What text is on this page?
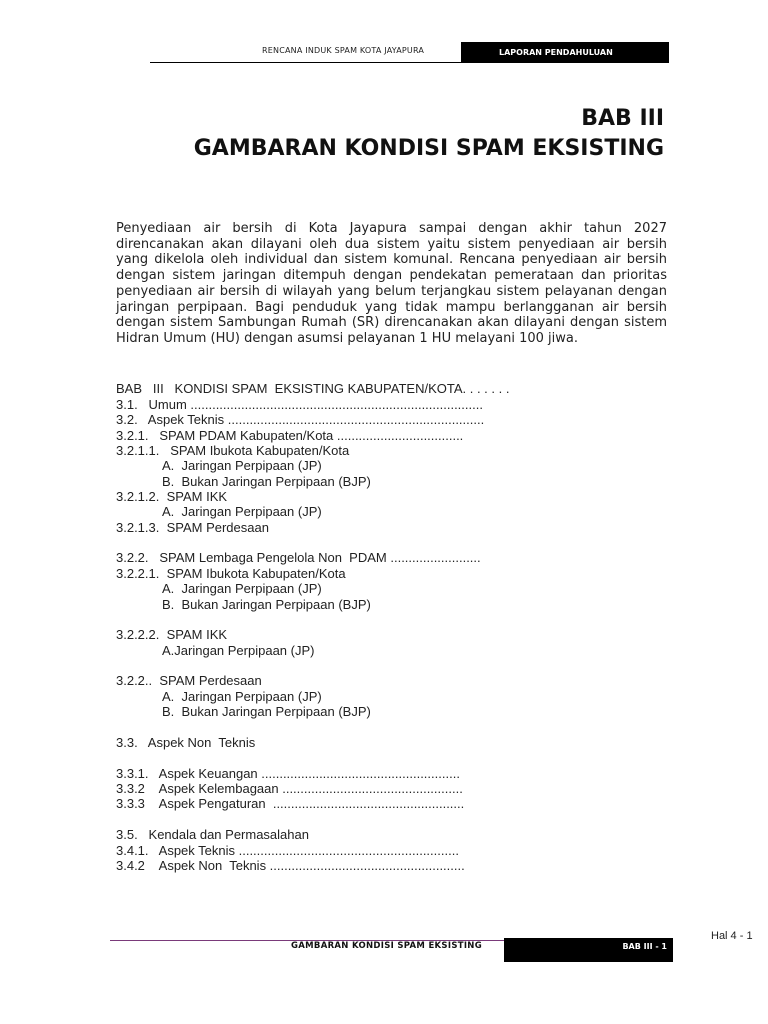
RENCANA INDUK SPAM KOTA JAYAPURA	LAPORAN PENDAHULUAN
BAB III
GAMBARAN KONDISI SPAM EKSISTING
Penyediaan air bersih di Kota Jayapura sampai dengan akhir tahun 2027 direncanakan akan dilayani oleh dua sistem yaitu sistem penyediaan air bersih yang dikelola oleh individual dan sistem komunal. Rencana penyediaan air bersih dengan sistem jaringan ditempuh dengan pendekatan pemerataan dan prioritas penyediaan air bersih di wilayah yang belum terjangkau sistem pelayanan dengan jaringan perpipaan. Bagi penduduk yang tidak mampu berlangganan air bersih dengan sistem Sambungan Rumah (SR) direncanakan akan dilayani dengan sistem Hidran Umum (HU) dengan asumsi pelayanan 1 HU melayani 100 jiwa.
BAB   III   KONDISI SPAM  EKSISTING KABUPATEN/KOTA. . . . . . .
3.1.   Umum .................................................................................
3.2.   Aspek Teknis .......................................................................
3.2.1.   SPAM PDAM Kabupaten/Kota ...................................
3.2.1.1.   SPAM Ibukota Kabupaten/Kota
A.  Jaringan Perpipaan (JP)
B.  Bukan Jaringan Perpipaan (BJP)
3.2.1.2.  SPAM IKK
A.  Jaringan Perpipaan (JP)
3.2.1.3.  SPAM Perdesaan
3.2.2.   SPAM Lembaga Pengelola Non  PDAM .........................
3.2.2.1.  SPAM Ibukota Kabupaten/Kota
A.  Jaringan Perpipaan (JP)
B.  Bukan Jaringan Perpipaan (BJP)
3.2.2.2.  SPAM IKK
A.Jaringan Perpipaan (JP)
3.2.2..  SPAM Perdesaan
A.  Jaringan Perpipaan (JP)
B.  Bukan Jaringan Perpipaan (BJP)
3.3.   Aspek Non  Teknis
3.3.1.   Aspek Keuangan .......................................................
3.3.2    Aspek Kelembagaan ..................................................
3.3.3    Aspek Pengaturan  .....................................................
3.5.   Kendala dan Permasalahan
3.4.1.   Aspek Teknis .............................................................
3.4.2    Aspek Non  Teknis ......................................................
Hal 4 - 1
GAMBARAN KONDISI SPAM EKSISTING	BAB III - 1
